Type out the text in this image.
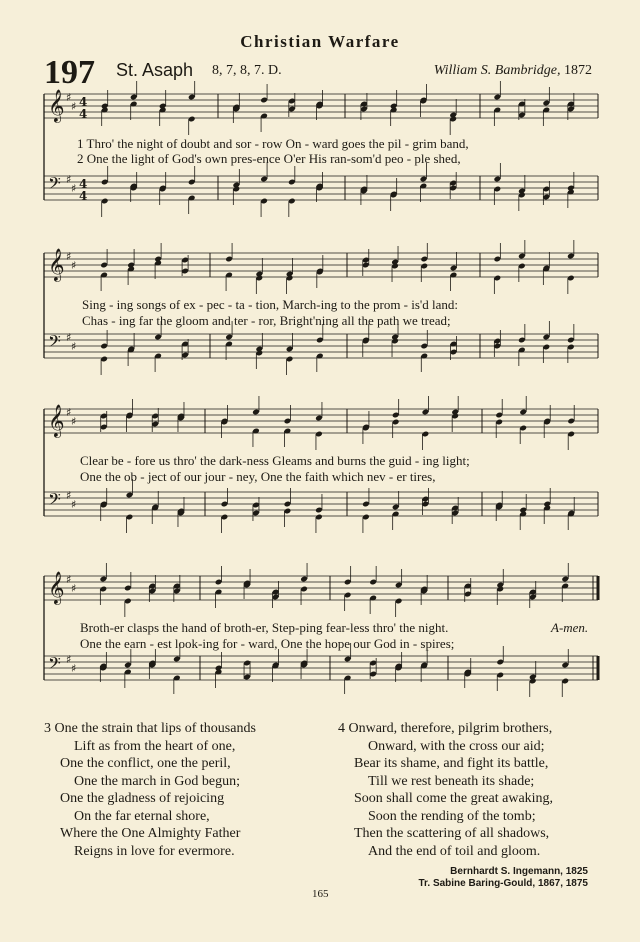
Christian Warfare
197 St. Asaph 8, 7, 8, 7. D.	William S. Bambridge, 1872
𝄞 ♯
♯ 4
4
𝄢 ♯
♯ 4
4
𝄞 ♯
♯
𝄢 ♯
♯
𝄞 ♯
♯
𝄢 ♯
♯
𝄞 ♯
♯
𝄢 ♯
♯
1 Thro' the night of doubt and sor - row On - ward goes the pil - grim band,
2 One the light of God's own pres-ence O'er His ran-som'd peo - ple shed,
Sing - ing songs of ex - pec - ta - tion, March-ing to the prom - is'd land:
Chas - ing far the gloom and ter - ror, Bright'ning all the path we tread;
Clear be - fore us thro' the dark-ness Gleams and burns the guid - ing light;
One the ob - ject of our jour - ney, One the faith which nev - er tires,
Broth-er clasps the hand of broth-er, Step-ping fear-less thro' the night.	A-men.
One the earn - est look-ing for - ward, One the hope our God in - spires;
3 One the strain that lips of thousands
Lift as from the heart of one,
One the conflict, one the peril,
One the march in God begun;
One the gladness of rejoicing
On the far eternal shore,
Where the One Almighty Father
Reigns in love for evermore.
4 Onward, therefore, pilgrim brothers,
Onward, with the cross our aid;
Bear its shame, and fight its battle,
Till we rest beneath its shade;
Soon shall come the great awaking,
Soon the rending of the tomb;
Then the scattering of all shadows,
And the end of toil and gloom.
Bernhardt S. Ingemann, 1825
Tr. Sabine Baring-Gould, 1867, 1875
165
